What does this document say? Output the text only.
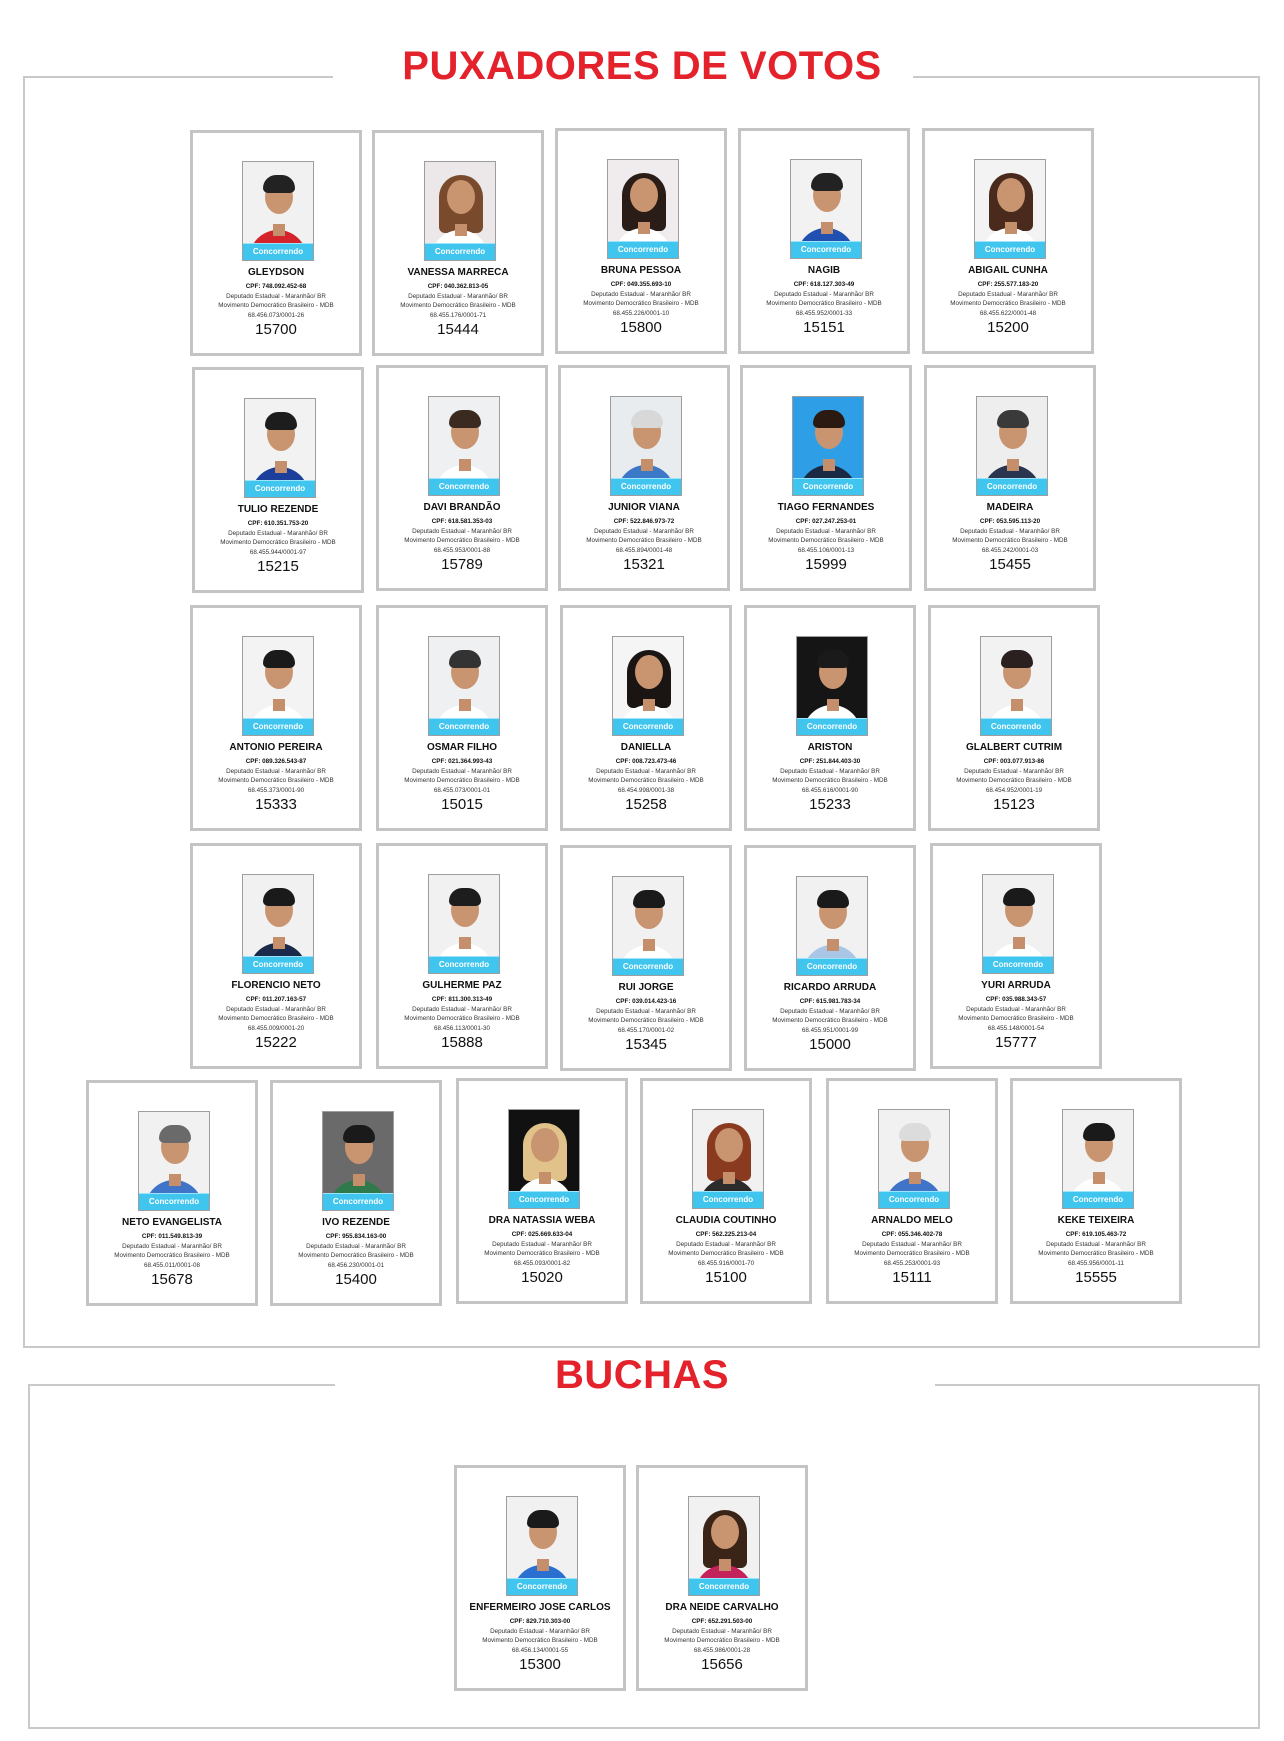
PUXADORES DE VOTOS
BUCHAS
Concorrendo
GLEYDSON
CPF: 748.092.452-68
Deputado Estadual - Maranhão/ BR
Movimento Democrático Brasileiro - MDB
68.456.073/0001-26
15700
Concorrendo
VANESSA MARRECA
CPF: 040.362.813-05
Deputado Estadual - Maranhão/ BR
Movimento Democrático Brasileiro - MDB
68.455.176/0001-71
15444
Concorrendo
BRUNA PESSOA
CPF: 049.355.693-10
Deputado Estadual - Maranhão/ BR
Movimento Democrático Brasileiro - MDB
68.455.226/0001-10
15800
Concorrendo
NAGIB
CPF: 618.127.303-49
Deputado Estadual - Maranhão/ BR
Movimento Democrático Brasileiro - MDB
68.455.952/0001-33
15151
Concorrendo
ABIGAIL CUNHA
CPF: 255.577.183-20
Deputado Estadual - Maranhão/ BR
Movimento Democrático Brasileiro - MDB
68.455.622/0001-48
15200
Concorrendo
TULIO REZENDE
CPF: 610.351.753-20
Deputado Estadual - Maranhão/ BR
Movimento Democrático Brasileiro - MDB
68.455.944/0001-97
15215
Concorrendo
DAVI BRANDÃO
CPF: 618.581.353-03
Deputado Estadual - Maranhão/ BR
Movimento Democrático Brasileiro - MDB
68.455.953/0001-88
15789
Concorrendo
JUNIOR VIANA
CPF: 522.846.973-72
Deputado Estadual - Maranhão/ BR
Movimento Democrático Brasileiro - MDB
68.455.894/0001-48
15321
Concorrendo
TIAGO FERNANDES
CPF: 027.247.253-01
Deputado Estadual - Maranhão/ BR
Movimento Democrático Brasileiro - MDB
68.455.106/0001-13
15999
Concorrendo
MADEIRA
CPF: 053.595.113-20
Deputado Estadual - Maranhão/ BR
Movimento Democrático Brasileiro - MDB
68.455.242/0001-03
15455
Concorrendo
ANTONIO PEREIRA
CPF: 089.326.543-87
Deputado Estadual - Maranhão/ BR
Movimento Democrático Brasileiro - MDB
68.455.373/0001-90
15333
Concorrendo
OSMAR FILHO
CPF: 021.364.993-43
Deputado Estadual - Maranhão/ BR
Movimento Democrático Brasileiro - MDB
68.455.073/0001-01
15015
Concorrendo
DANIELLA
CPF: 008.723.473-46
Deputado Estadual - Maranhão/ BR
Movimento Democrático Brasileiro - MDB
68.454.998/0001-38
15258
Concorrendo
ARISTON
CPF: 251.844.403-30
Deputado Estadual - Maranhão/ BR
Movimento Democrático Brasileiro - MDB
68.455.616/0001-90
15233
Concorrendo
GLALBERT CUTRIM
CPF: 003.077.913-86
Deputado Estadual - Maranhão/ BR
Movimento Democrático Brasileiro - MDB
68.454.952/0001-19
15123
Concorrendo
FLORENCIO NETO
CPF: 011.207.163-57
Deputado Estadual - Maranhão/ BR
Movimento Democrático Brasileiro - MDB
68.455.009/0001-20
15222
Concorrendo
GULHERME PAZ
CPF: 811.300.313-49
Deputado Estadual - Maranhão/ BR
Movimento Democrático Brasileiro - MDB
68.456.113/0001-30
15888
Concorrendo
RUI JORGE
CPF: 039.014.423-16
Deputado Estadual - Maranhão/ BR
Movimento Democrático Brasileiro - MDB
68.455.170/0001-02
15345
Concorrendo
RICARDO ARRUDA
CPF: 615.981.783-34
Deputado Estadual - Maranhão/ BR
Movimento Democrático Brasileiro - MDB
68.455.951/0001-99
15000
Concorrendo
YURI ARRUDA
CPF: 035.988.343-57
Deputado Estadual - Maranhão/ BR
Movimento Democrático Brasileiro - MDB
68.455.148/0001-54
15777
Concorrendo
NETO EVANGELISTA
CPF: 011.549.813-39
Deputado Estadual - Maranhão/ BR
Movimento Democrático Brasileiro - MDB
68.455.011/0001-08
15678
Concorrendo
IVO REZENDE
CPF: 955.834.163-00
Deputado Estadual - Maranhão/ BR
Movimento Democrático Brasileiro - MDB
68.456.230/0001-01
15400
Concorrendo
DRA NATASSIA WEBA
CPF: 025.669.633-04
Deputado Estadual - Maranhão/ BR
Movimento Democrático Brasileiro - MDB
68.455.093/0001-82
15020
Concorrendo
CLAUDIA COUTINHO
CPF: 562.225.213-04
Deputado Estadual - Maranhão/ BR
Movimento Democrático Brasileiro - MDB
68.455.916/0001-70
15100
Concorrendo
ARNALDO MELO
CPF: 055.346.402-78
Deputado Estadual - Maranhão/ BR
Movimento Democrático Brasileiro - MDB
68.455.253/0001-93
15111
Concorrendo
KEKE TEIXEIRA
CPF: 619.105.463-72
Deputado Estadual - Maranhão/ BR
Movimento Democrático Brasileiro - MDB
68.455.956/0001-11
15555
Concorrendo
ENFERMEIRO JOSE CARLOS
CPF: 829.710.303-00
Deputado Estadual - Maranhão/ BR
Movimento Democrático Brasileiro - MDB
68.456.134/0001-55
15300
Concorrendo
DRA NEIDE CARVALHO
CPF: 652.291.503-00
Deputado Estadual - Maranhão/ BR
Movimento Democrático Brasileiro - MDB
68.455.986/0001-28
15656
